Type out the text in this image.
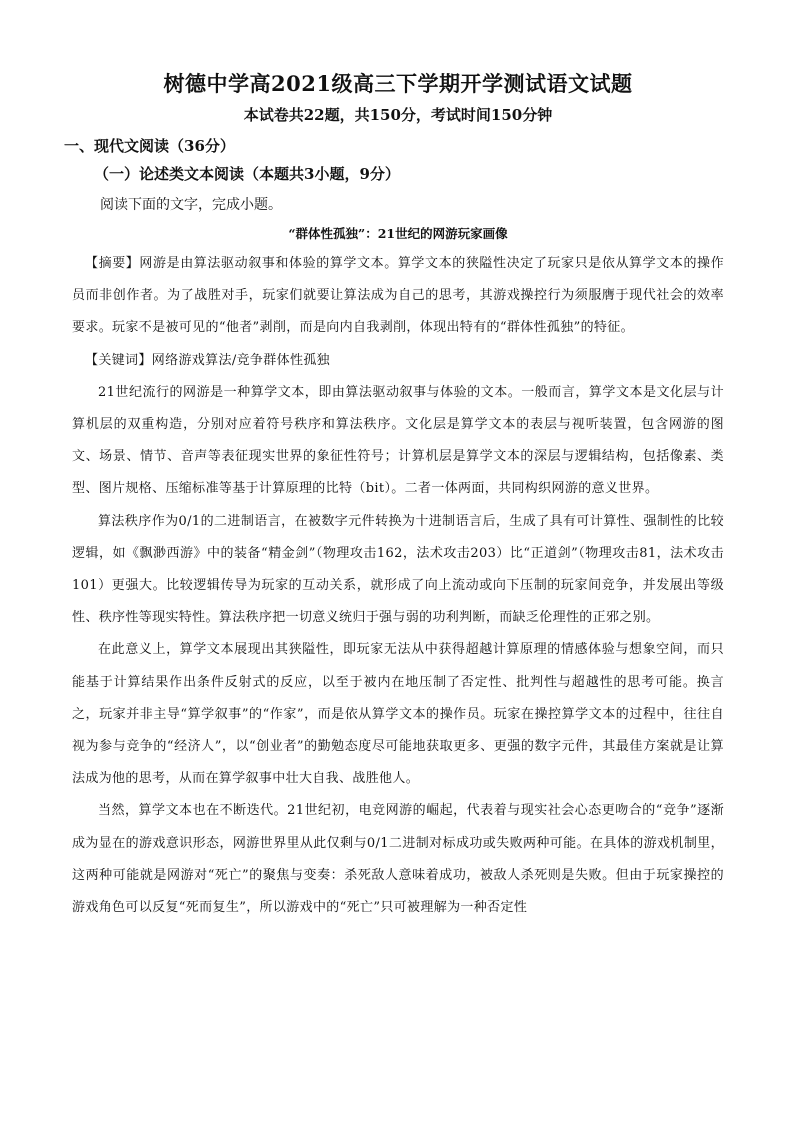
树德中学高2021级高三下学期开学测试语文试题
本试卷共22题，共150分，考试时间150分钟
一、现代文阅读（36分）
（一）论述类文本阅读（本题共3小题，9分）
阅读下面的文字，完成小题。
“群体性孤独”：21世纪的网游玩家画像

【摘要】网游是由算法驱动叙事和体验的算学文本。算学文本的狭隘性决定了玩家只是依从算学文本的操作员而非创作者。为了战胜对手，玩家们就要让算法成为自己的思考，其游戏操控行为须服膺于现代社会的效率要求。玩家不是被可见的“他者”剥削，而是向内自我剥削，体现出特有的“群体性孤独”的特征。

【关键词】网络游戏算法/竞争群体性孤独

21世纪流行的网游是一种算学文本，即由算法驱动叙事与体验的文本。一般而言，算学文本是文化层与计算机层的双重构造，分别对应着符号秩序和算法秩序。文化层是算学文本的表层与视听装置，包含网游的图文、场景、情节、音声等表征现实世界的象征性符号；计算机层是算学文本的深层与逻辑结构，包括像素、类型、图片规格、压缩标准等基于计算原理的比特（bit）。二者一体两面，共同构织网游的意义世界。

算法秩序作为0/1的二进制语言，在被数字元件转换为十进制语言后，生成了具有可计算性、强制性的比较逻辑，如《飘渺西游》中的装备“精金剑”（物理攻击162，法术攻击203）比“正道剑”（物理攻击81，法术攻击101）更强大。比较逻辑传导为玩家的互动关系，就形成了向上流动或向下压制的玩家间竞争，并发展出等级性、秩序性等现实特性。算法秩序把一切意义统归于强与弱的功利判断，而缺乏伦理性的正邪之别。

在此意义上，算学文本展现出其狭隘性，即玩家无法从中获得超越计算原理的情感体验与想象空间，而只能基于计算结果作出条件反射式的反应，以至于被内在地压制了否定性、批判性与超越性的思考可能。换言之，玩家并非主导“算学叙事”的“作家”，而是依从算学文本的操作员。玩家在操控算学文本的过程中，往往自视为参与竞争的“经济人”，以“创业者”的勤勉态度尽可能地获取更多、更强的数字元件，其最佳方案就是让算法成为他的思考，从而在算学叙事中壮大自我、战胜他人。

当然，算学文本也在不断迭代。21世纪初，电竞网游的崛起，代表着与现实社会心态更吻合的“竞争”逐渐成为显在的游戏意识形态，网游世界里从此仅剩与0/1二进制对标成功或失败两种可能。在具体的游戏机制里，这两种可能就是网游对“死亡”的聚焦与变奏：杀死敌人意味着成功，被敌人杀死则是失败。但由于玩家操控的游戏角色可以反复“死而复生”，所以游戏中的“死亡”只可被理解为一种否定性
